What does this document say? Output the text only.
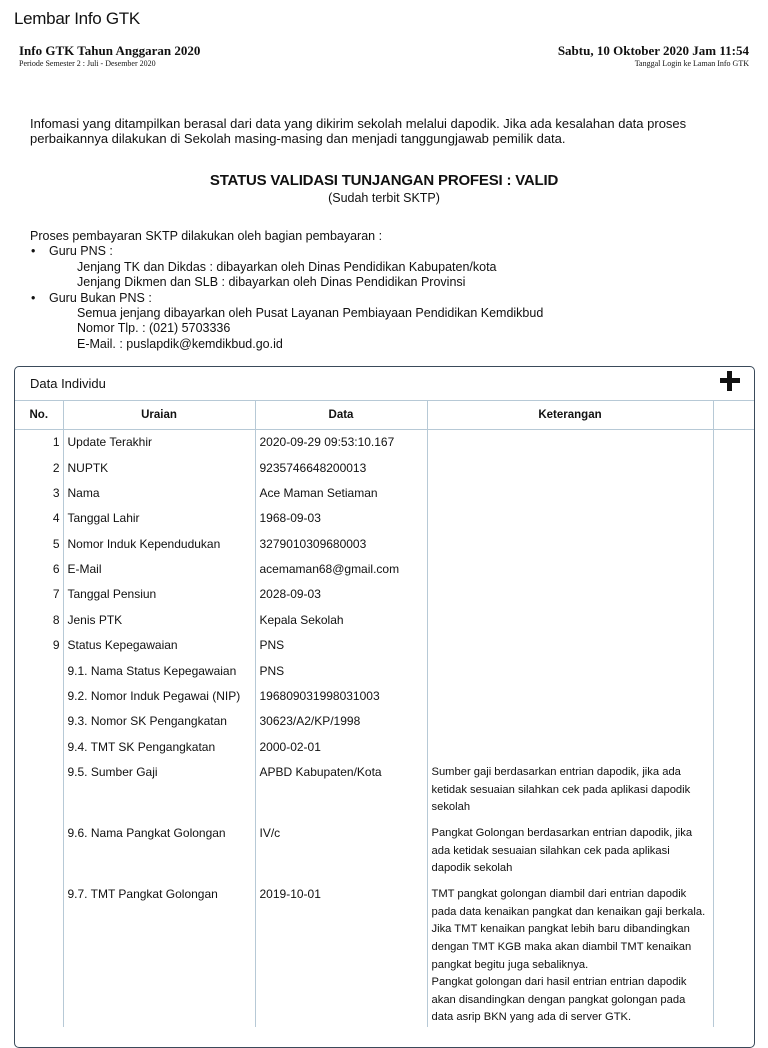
Lembar Info GTK
Info GTK Tahun Anggaran 2020
Periode Semester 2 : Juli - Desember 2020
Sabtu, 10 Oktober 2020 Jam 11:54
Tanggal Login ke Laman Info GTK
Infomasi yang ditampilkan berasal dari data yang dikirim sekolah melalui dapodik. Jika ada kesalahan data proses perbaikannya dilakukan di Sekolah masing-masing dan menjadi tanggungjawab pemilik data.
STATUS VALIDASI TUNJANGAN PROFESI : VALID
(Sudah terbit SKTP)
Proses pembayaran SKTP dilakukan oleh bagian pembayaran :
• Guru PNS :
Jenjang TK dan Dikdas : dibayarkan oleh Dinas Pendidikan Kabupaten/kota
Jenjang Dikmen dan SLB : dibayarkan oleh Dinas Pendidikan Provinsi
• Guru Bukan PNS :
Semua jenjang dibayarkan oleh Pusat Layanan Pembiayaan Pendidikan Kemdikbud
Nomor Tlp. : (021) 5703336
E-Mail. : puslapdik@kemdikbud.go.id
Data Individu
No.	Uraian	Data	Keterangan	
1	Update Terakhir	2020-09-29 09:53:10.167		
2	NUPTK	9235746648200013		
3	Nama	Ace Maman Setiaman		
4	Tanggal Lahir	1968-09-03		
5	Nomor Induk Kependudukan	3279010309680003		
6	E-Mail	acemaman68@gmail.com		
7	Tanggal Pensiun	2028-09-03		
8	Jenis PTK	Kepala Sekolah		
9	Status Kepegawaian	PNS		
	9.1. Nama Status Kepegawaian	PNS		
	9.2. Nomor Induk Pegawai (NIP)	196809031998031003		
	9.3. Nomor SK Pengangkatan	30623/A2/KP/1998		
	9.4. TMT SK Pengangkatan	2000-02-01		
	9.5. Sumber Gaji	APBD Kabupaten/Kota	Sumber gaji berdasarkan entrian dapodik, jika ada ketidak sesuaian silahkan cek pada aplikasi dapodik sekolah	
	9.6. Nama Pangkat Golongan	IV/c	Pangkat Golongan berdasarkan entrian dapodik, jika ada ketidak sesuaian silahkan cek pada aplikasi dapodik sekolah	
	9.7. TMT Pangkat Golongan	2019-10-01	TMT pangkat golongan diambil dari entrian dapodik pada data kenaikan pangkat dan kenaikan gaji berkala. Jika TMT kenaikan pangkat lebih baru dibandingkan dengan TMT KGB maka akan diambil TMT kenaikan pangkat begitu juga sebaliknya.
Pangkat golongan dari hasil entrian entrian dapodik akan disandingkan dengan pangkat golongan pada data asrip BKN yang ada di server GTK.	
